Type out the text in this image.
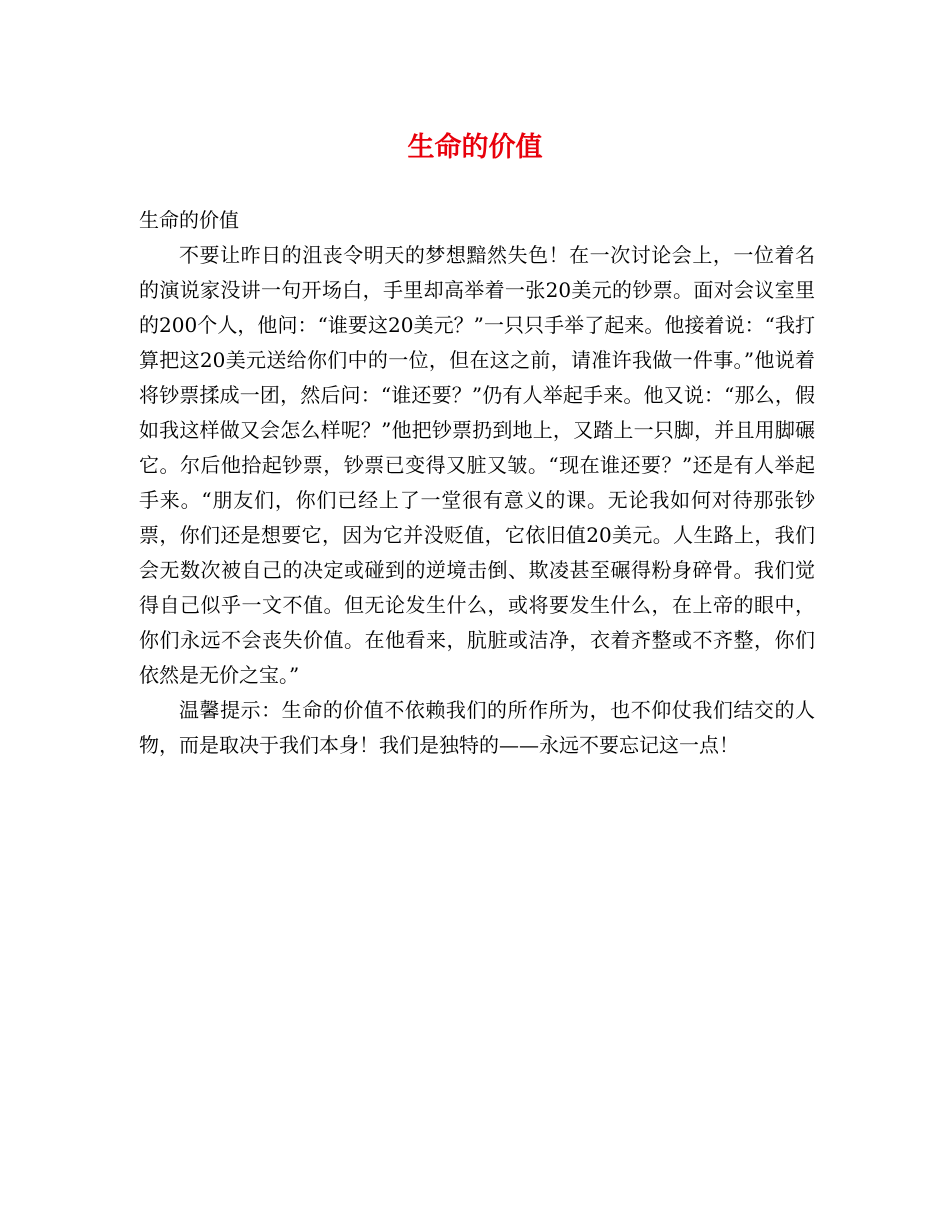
生命的价值

生命的价值

不要让昨日的沮丧令明天的梦想黯然失色！在一次讨论会上，一位着名的演说家没讲一句开场白，手里却高举着一张20美元的钞票。面对会议室里的200个人，他问：“谁要这20美元？”一只只手举了起来。他接着说：“我打算把这20美元送给你们中的一位，但在这之前，请准许我做一件事。”他说着将钞票揉成一团，然后问：“谁还要？”仍有人举起手来。他又说：“那么，假如我这样做又会怎么样呢？”他把钞票扔到地上，又踏上一只脚，并且用脚碾它。尔后他拾起钞票，钞票已变得又脏又皱。“现在谁还要？”还是有人举起手来。“朋友们，你们已经上了一堂很有意义的课。无论我如何对待那张钞票，你们还是想要它，因为它并没贬值，它依旧值20美元。人生路上，我们会无数次被自己的决定或碰到的逆境击倒、欺凌甚至碾得粉身碎骨。我们觉得自己似乎一文不值。但无论发生什么，或将要发生什么，在上帝的眼中，你们永远不会丧失价值。在他看来，肮脏或洁净，衣着齐整或不齐整，你们依然是无价之宝。”

温馨提示：生命的价值不依赖我们的所作所为，也不仰仗我们结交的人物，而是取决于我们本身！我们是独特的——永远不要忘记这一点！
